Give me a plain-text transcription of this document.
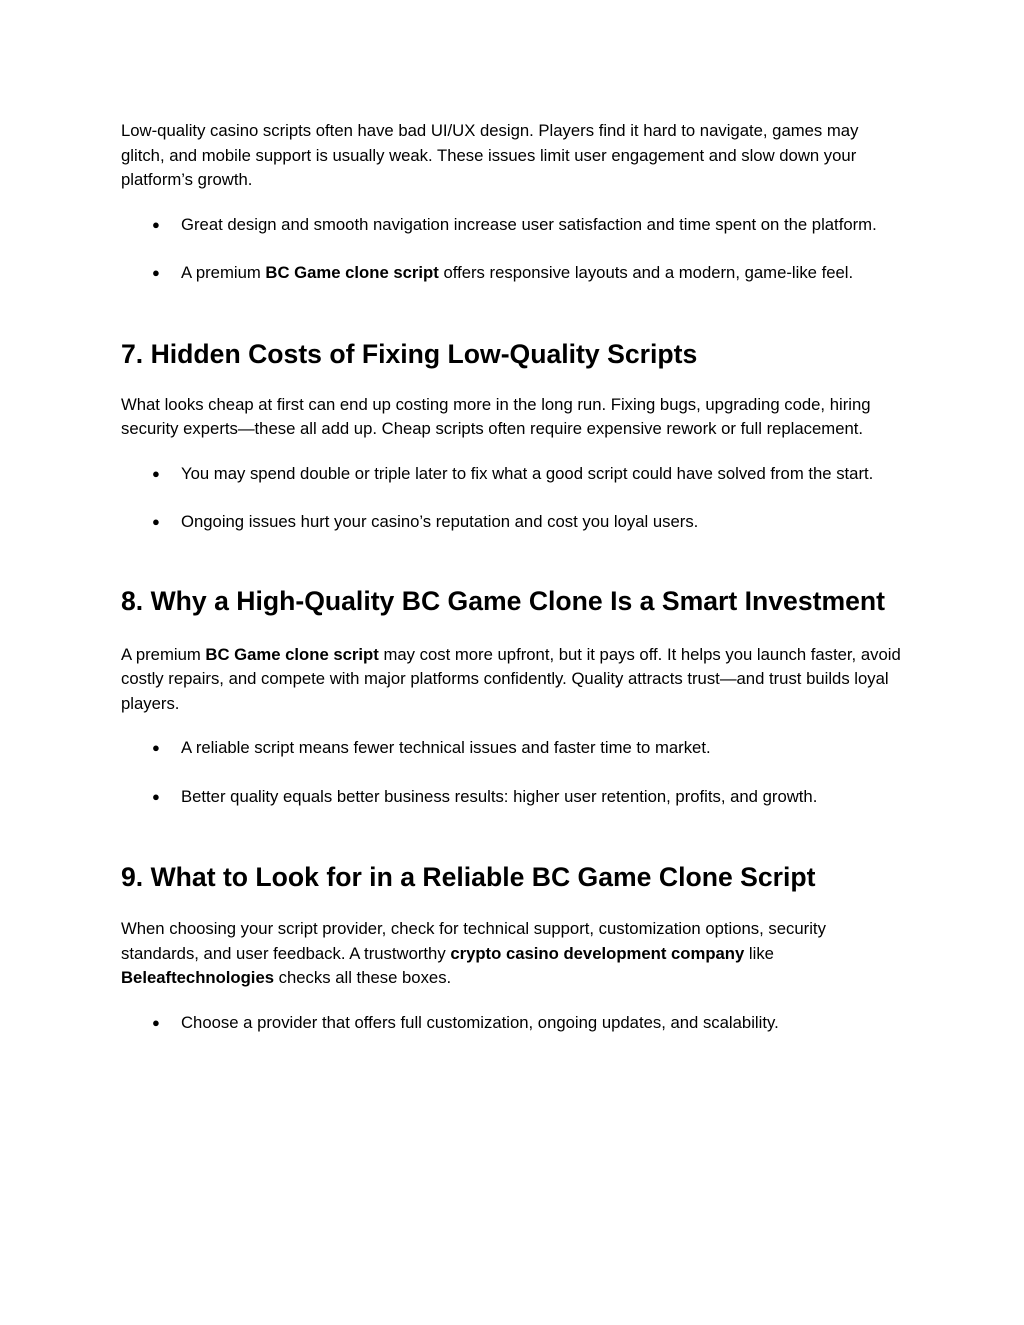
Low-quality casino scripts often have bad UI/UX design. Players find it hard to navigate, games may glitch, and mobile support is usually weak. These issues limit user engagement and slow down your platform’s growth.

● Great design and smooth navigation increase user satisfaction and time spent on the platform.
● A premium BC Game clone script offers responsive layouts and a modern, game-like feel.
7. Hidden Costs of Fixing Low-Quality Scripts

What looks cheap at first can end up costing more in the long run. Fixing bugs, upgrading code, hiring security experts—these all add up. Cheap scripts often require expensive rework or full replacement.

● You may spend double or triple later to fix what a good script could have solved from the start.
● Ongoing issues hurt your casino’s reputation and cost you loyal users.
8. Why a High-Quality BC Game Clone Is a Smart Investment

A premium BC Game clone script may cost more upfront, but it pays off. It helps you launch faster, avoid costly repairs, and compete with major platforms confidently. Quality attracts trust—and trust builds loyal players.

● A reliable script means fewer technical issues and faster time to market.
● Better quality equals better business results: higher user retention, profits, and growth.
9. What to Look for in a Reliable BC Game Clone Script

When choosing your script provider, check for technical support, customization options, security standards, and user feedback. A trustworthy crypto casino development company like Beleaftechnologies checks all these boxes.

● Choose a provider that offers full customization, ongoing updates, and scalability.
